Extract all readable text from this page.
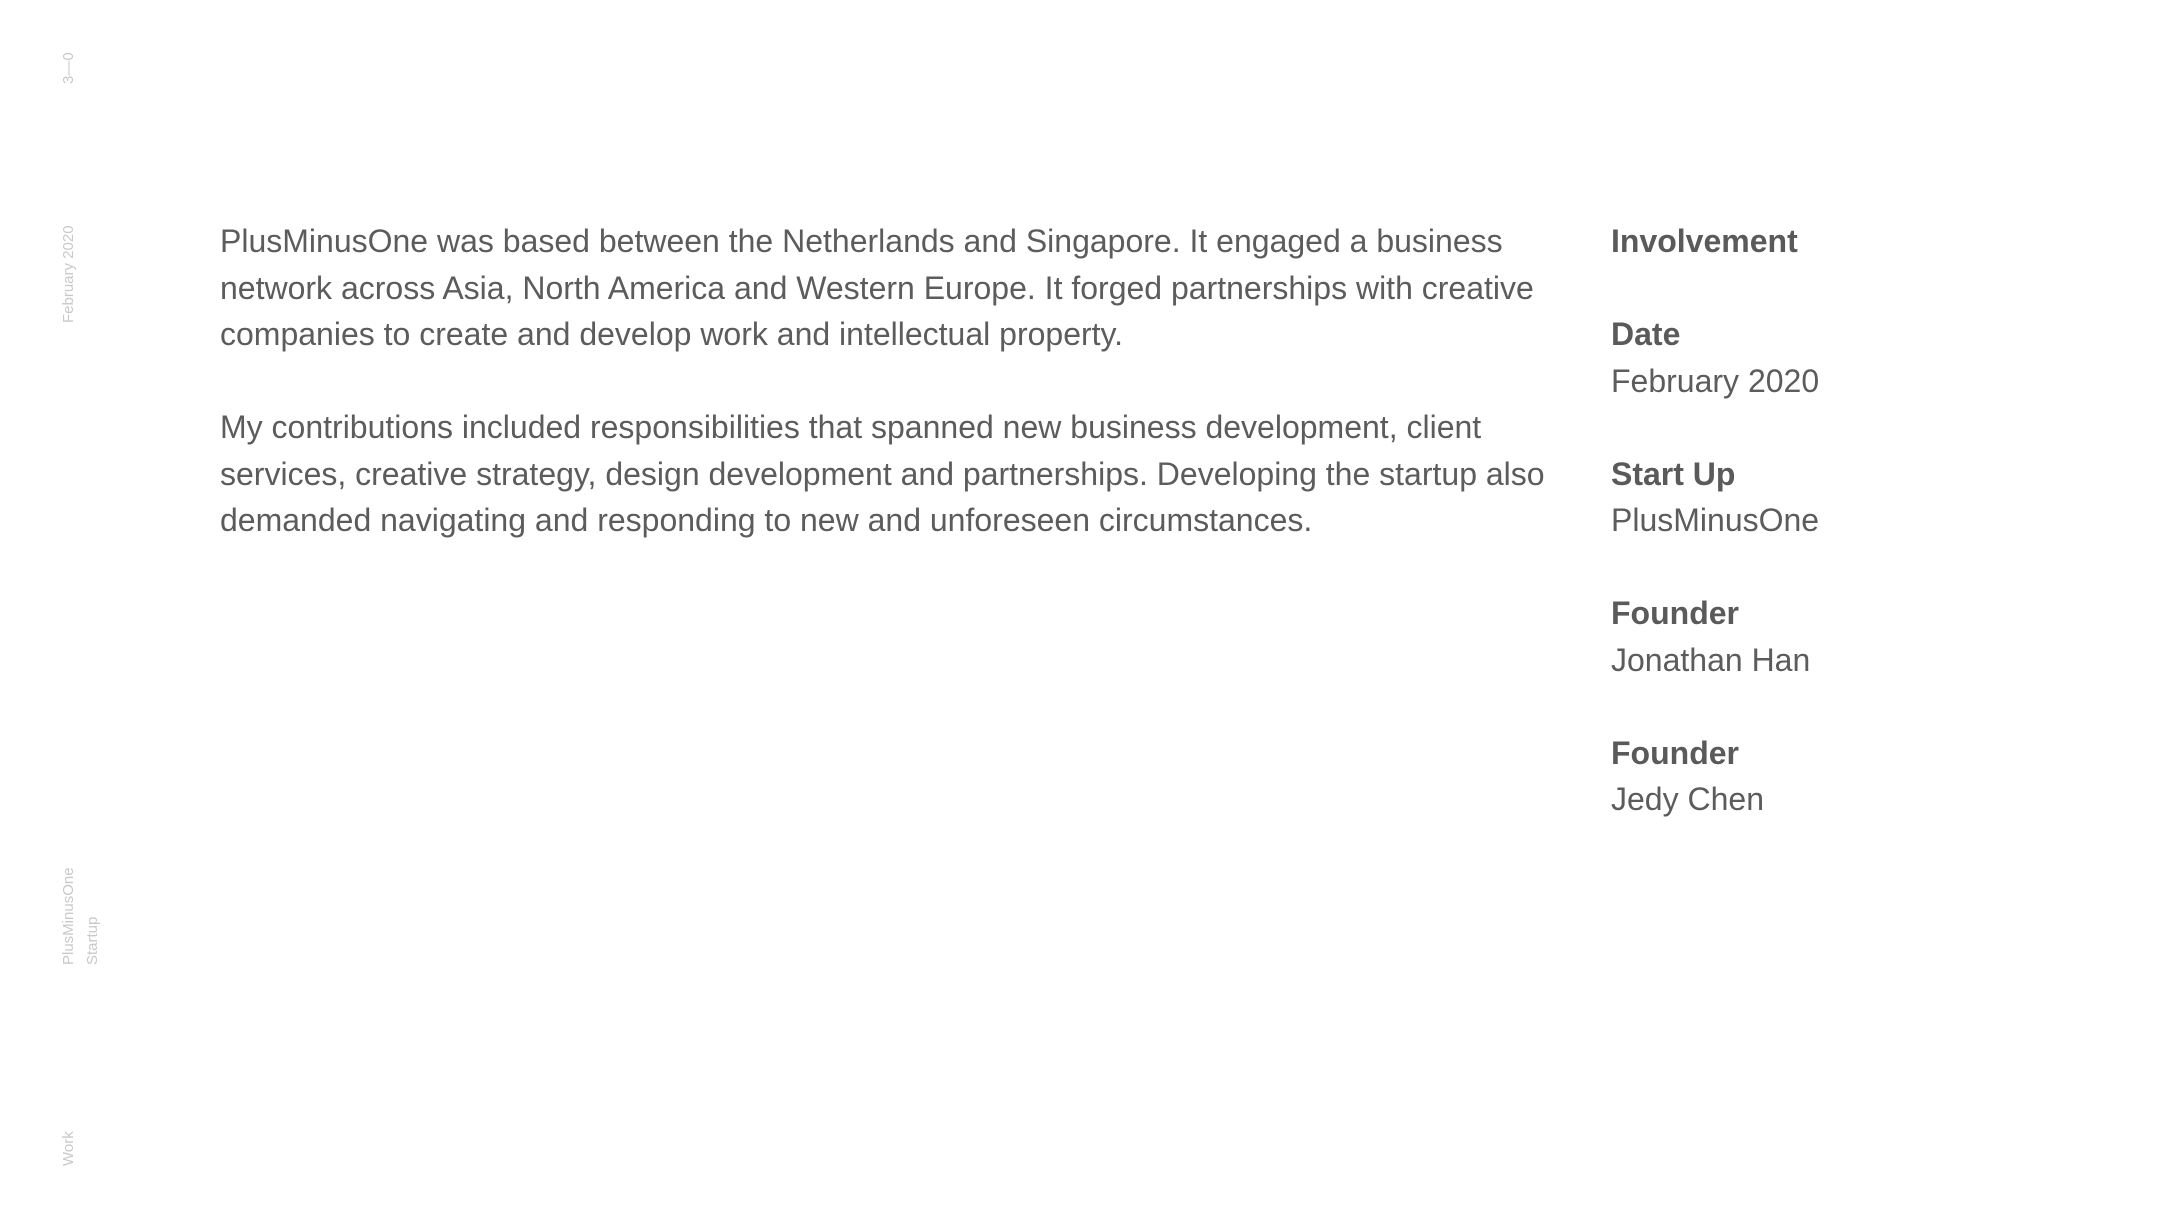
3—0
February 2020
PlusMinusOne Startup
Work

PlusMinusOne was based between the Netherlands and Singapore. It engaged a business network across Asia, North America and Western Europe. It forged partnerships with creative companies to create and develop work and intellectual property.

My contributions included responsibilities that spanned new business development, client services, creative strategy, design development and partnerships. Developing the startup also demanded navigating and responding to new and unforeseen circumstances.

Involvement
Date
February 2020
Start Up
PlusMinusOne
Founder
Jonathan Han
Founder
Jedy Chen
